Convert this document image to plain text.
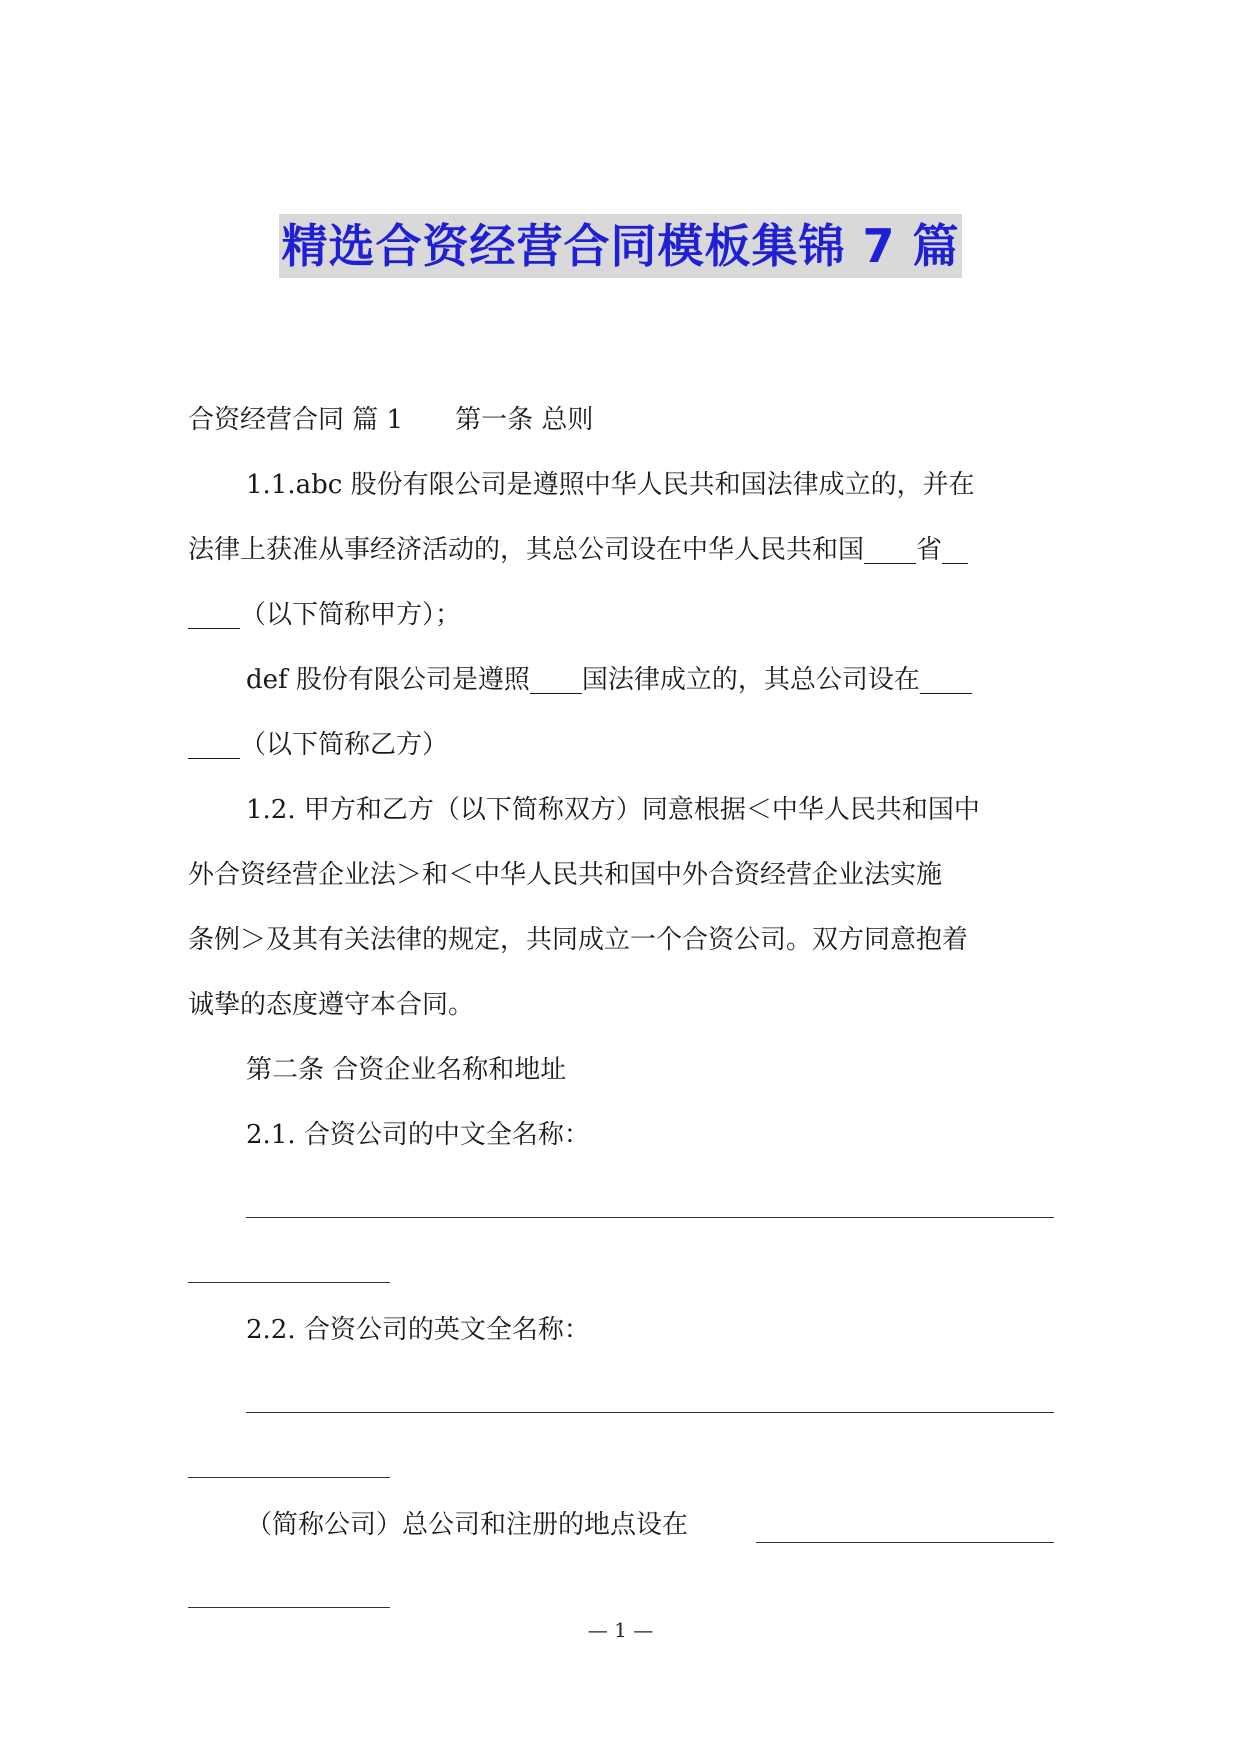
精选合资经营合同模板集锦 7 篇

合资经营合同 篇 1 第一条 总则

1.1.abc 股份有限公司是遵照中华人民共和国法律成立的，并在

法律上获准从事经济活动的，其总公司设在中华人民共和国____省__

____（以下简称甲方）；

def 股份有限公司是遵照____国法律成立的，其总公司设在____

____（以下简称乙方）

1.2. 甲方和乙方（以下简称双方）同意根据＜中华人民共和国中

外合资经营企业法＞和＜中华人民共和国中外合资经营企业法实施

条例＞及其有关法律的规定，共同成立一个合资公司。双方同意抱着

诚挚的态度遵守本合同。

第二条 合资企业名称和地址

2.1. 合资公司的中文全名称：

2.2. 合资公司的英文全名称：

（简称公司）总公司和注册的地点设在
— 1 —
